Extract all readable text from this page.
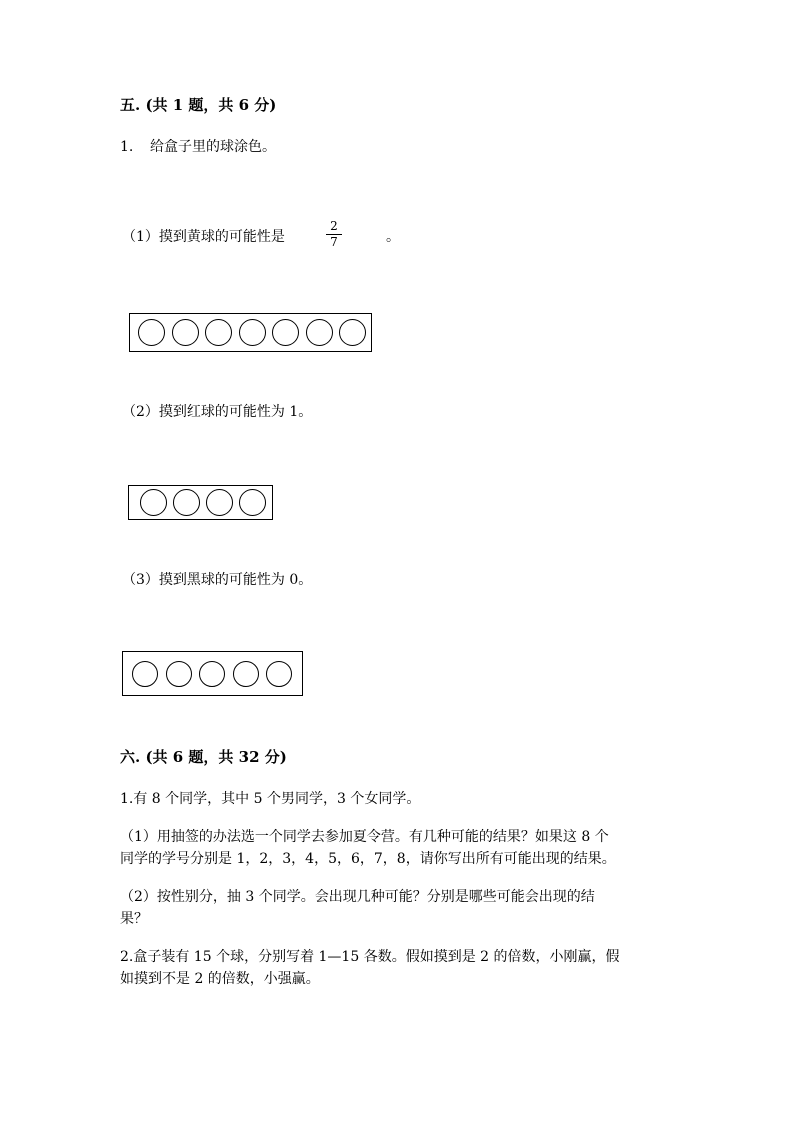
五. (共 1 题，共 6 分)
1. 给盒子里的球涂色。
（1）摸到黄球的可能性是	$\frac{2}{7}$	。
（2）摸到红球的可能性为 1。
（3）摸到黑球的可能性为 0。
六. (共 6 题，共 32 分)
1.有 8 个同学，其中 5 个男同学，3 个女同学。
（1）用抽签的办法选一个同学去参加夏令营。有几种可能的结果？如果这 8 个
同学的学号分别是 1，2，3，4，5，6，7，8，请你写出所有可能出现的结果。
（2）按性别分，抽 3 个同学。会出现几种可能？分别是哪些可能会出现的结
果？
2.盒子装有 15 个球，分别写着 1—15 各数。假如摸到是 2 的倍数，小刚赢，假
如摸到不是 2 的倍数，小强赢。
